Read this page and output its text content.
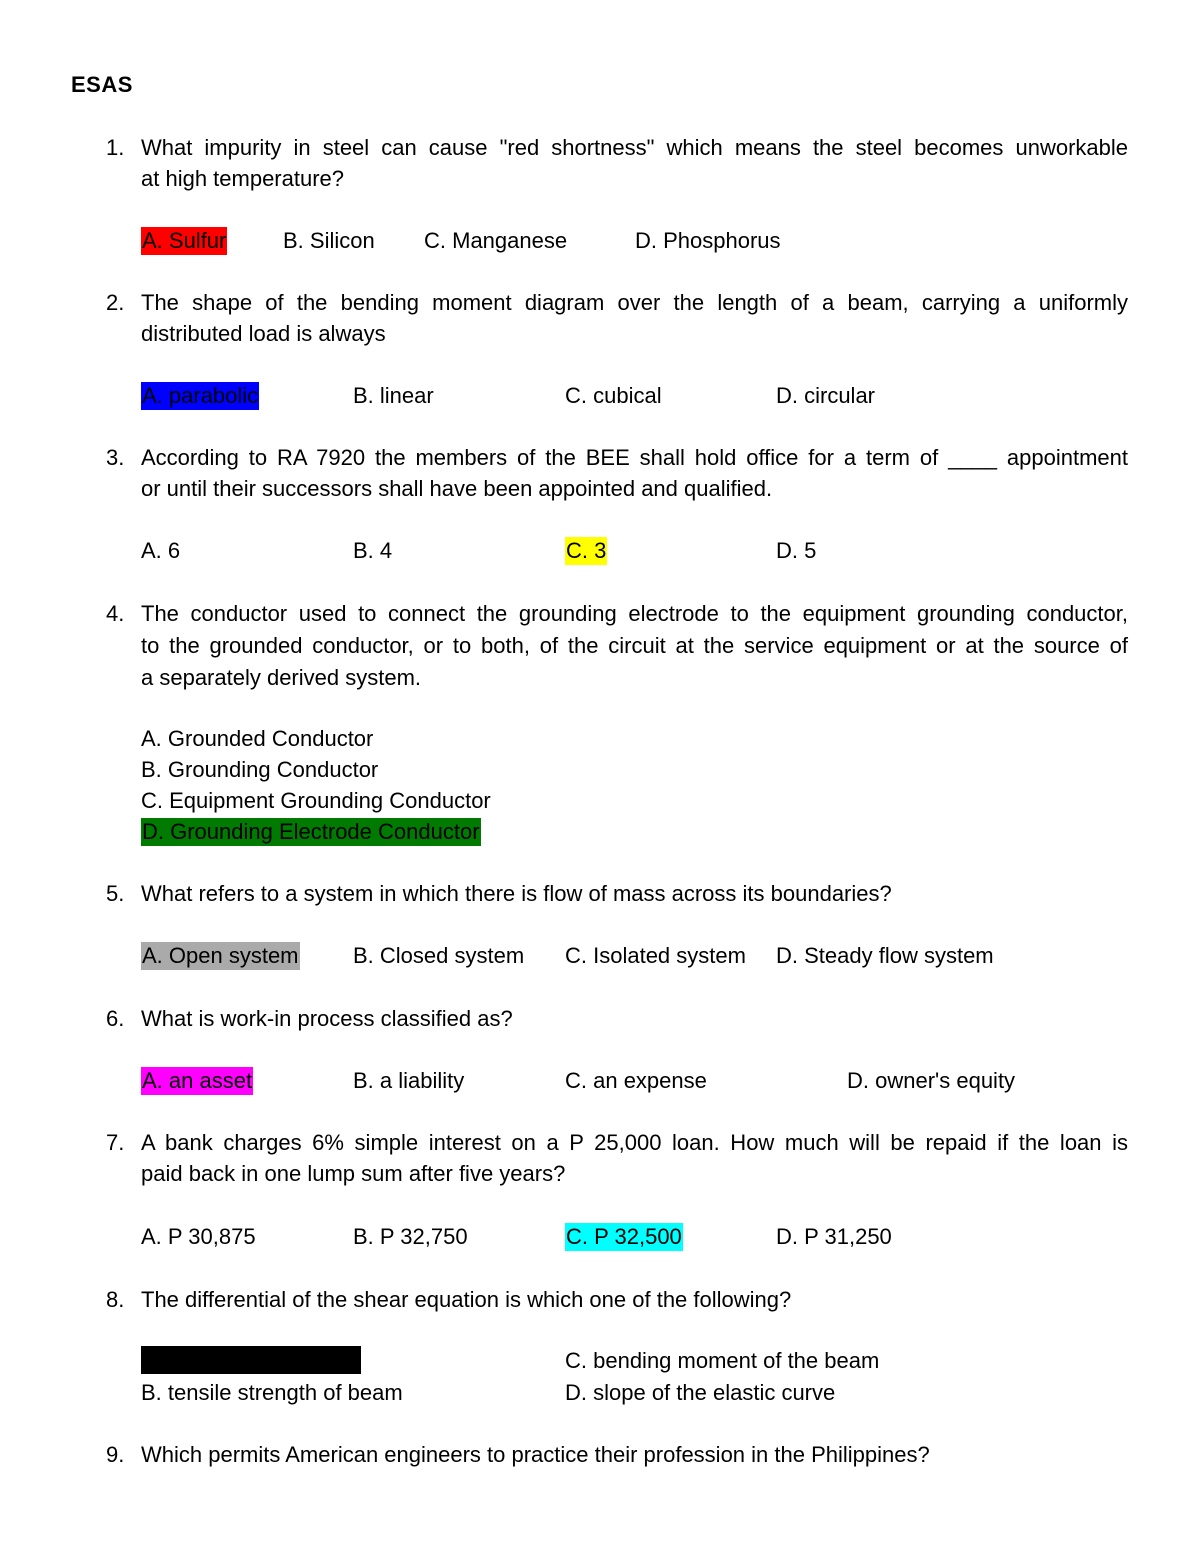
ESAS
1. What impurity in steel can cause "red shortness" which means the steel becomes unworkable
at high temperature?
A. Sulfur	B. Silicon C. Manganese	D. Phosphorus
2. The shape of the bending moment diagram over the length of a beam, carrying a uniformly
distributed load is always
A. parabolic	B. linear	C. cubical	D. circular
3. According to RA 7920 the members of the BEE shall hold office for a term of ____ appointment
or until their successors shall have been appointed and qualified.
A. 6	B. 4	C. 3	D. 5
4. The conductor used to connect the grounding electrode to the equipment grounding conductor,
to the grounded conductor, or to both, of the circuit at the service equipment or at the source of
a separately derived system.
A. Grounded Conductor
B. Grounding Conductor
C. Equipment Grounding Conductor
D. Grounding Electrode Conductor
5. What refers to a system in which there is flow of mass across its boundaries?
A. Open system B. Closed system C. Isolated system D. Steady flow system
6. What is work-in process classified as?
A. an asset	B. a liability	C. an expense	D. owner's equity
7. A bank charges 6% simple interest on a P 25,000 loan. How much will be repaid if the loan is
paid back in one lump sum after five years?
A. P 30,875	B. P 32,750	C. P 32,500	D. P 31,250
8. The differential of the shear equation is which one of the following?
B. tensile strength of beam
C. bending moment of the beam
D. slope of the elastic curve
9. Which permits American engineers to practice their profession in the Philippines?
